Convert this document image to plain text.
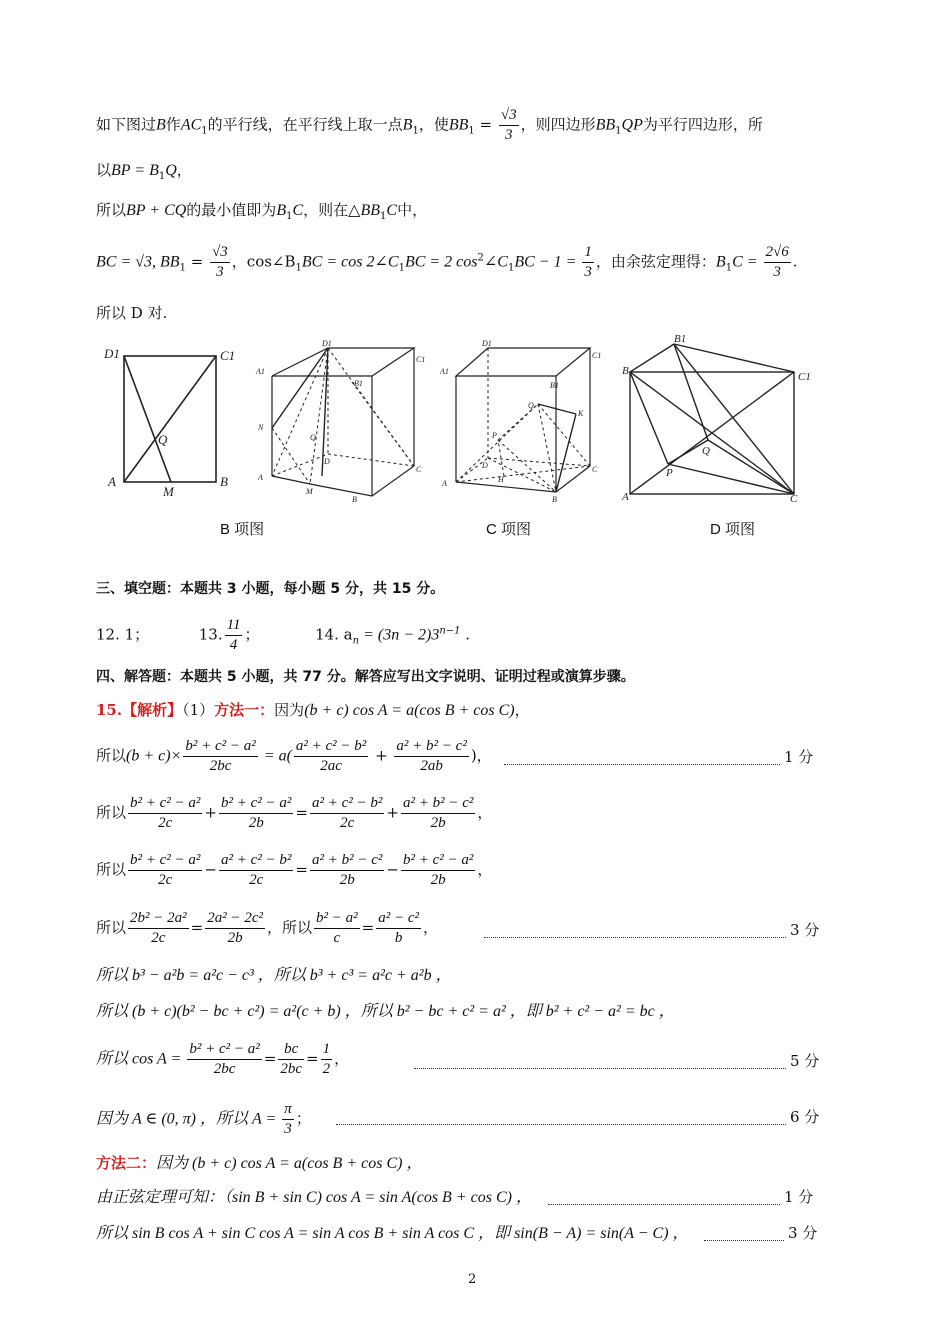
如下图过B作$AC_1$的平行线，在平行线上取一点$B_1$，使$BB_1 = \frac{√3}{3}$ ，则四边形$BB_1QP$为平行四边形，所
以BP = $B_1Q$，
所以BP + CQ的最小值即为$B_1C$，则在$\triangle BB_1C$中，
BC = √3, $BB_1 = \frac{√3}{3}$ ，$\cos\angle B_1BC = \cos$ $2\angle C_1BC = 2$ $\cos^2\angle C_1BC - 1 = \frac{1}{3}$ ，由余弦定理得：$B_1C = \frac{2√6}{3}$ .
所以 D 对.
D1	C1
Q
A
M
B
D1
C1
A1
B1
N
Q
D
A
M
C
B
D1
C1
A1
B1
Q
K
P
D
H
A
B
C
B1
B	C1
Q
P
A	C
B 项图	C 项图	D 项图
三、填空题：本题共 3 小题，每小题 5 分，共 15 分。
12. 1；	13. $\frac{11}{4}$ ；	14. $a_n = (3n - 2)3^{n-1}$ .
四、解答题：本题共 5 小题，共 77 分。解答应写出文字说明、证明过程或演算步骤。
15.【解析】（1）方法一：因为(b + c) cos A = a(cos B + cos C)，
所以$(b + c)\times \frac{\text{b² + c² − a²}}{2bc} = a( \frac{\text{a² + c² − b²}}{2ac} + \frac{\text{a² + b² − c²}}{2ab}$ )，	1 分
所以 $\frac{\text{b² + c² − a²}}{2c} + \frac{\text{b² + c² − a²}}{2b} = \frac{\text{a² + c² − b²}}{2c} + \frac{\text{a² + b² − c²}}{2b}$ ，
所以 $\frac{\text{b² + c² − a²}}{2c} - \frac{\text{a² + c² − b²}}{2c} = \frac{\text{a² + b² − c²}}{2b} - \frac{\text{b² + c² − a²}}{2b}$ ，
所以 $\frac{\text{2b² − 2a²}}{2c} = \frac{\text{2a² − 2c²}}{2b}$ ，所以 $\frac{\text{b² − a²}}{c} = \frac{\text{a² − c²}}{b}$ ，	3 分
所以 b³ − a²b = a²c − c³ ，所以 b³ + c³ = a²c + a²b ，
所以 (b + c)(b² − bc + c²) = a²(c + b) ，所以 b² − bc + c² = a² ，即 b² + c² − a² = bc ，
所以 $\cos A = \frac{\text{b² + c² − a²}}{2bc} = \frac{bc}{2bc} = \frac{1}{2}$ ，	5 分
因为 A ∈ (0, π) ，所以 $A = \frac{\pi}{3}$ ；	6 分
方法二：因为 (b + c) cos A = a(cos B + cos C) ，
由正弦定理可知：（sin B + sin C) cos A = sin A(cos B + cos C) ，	1 分
所以 sin B cos A + sin C cos A = sin A cos B + sin A cos C ，即 sin(B − A) = sin(A − C) ，	3 分
2
